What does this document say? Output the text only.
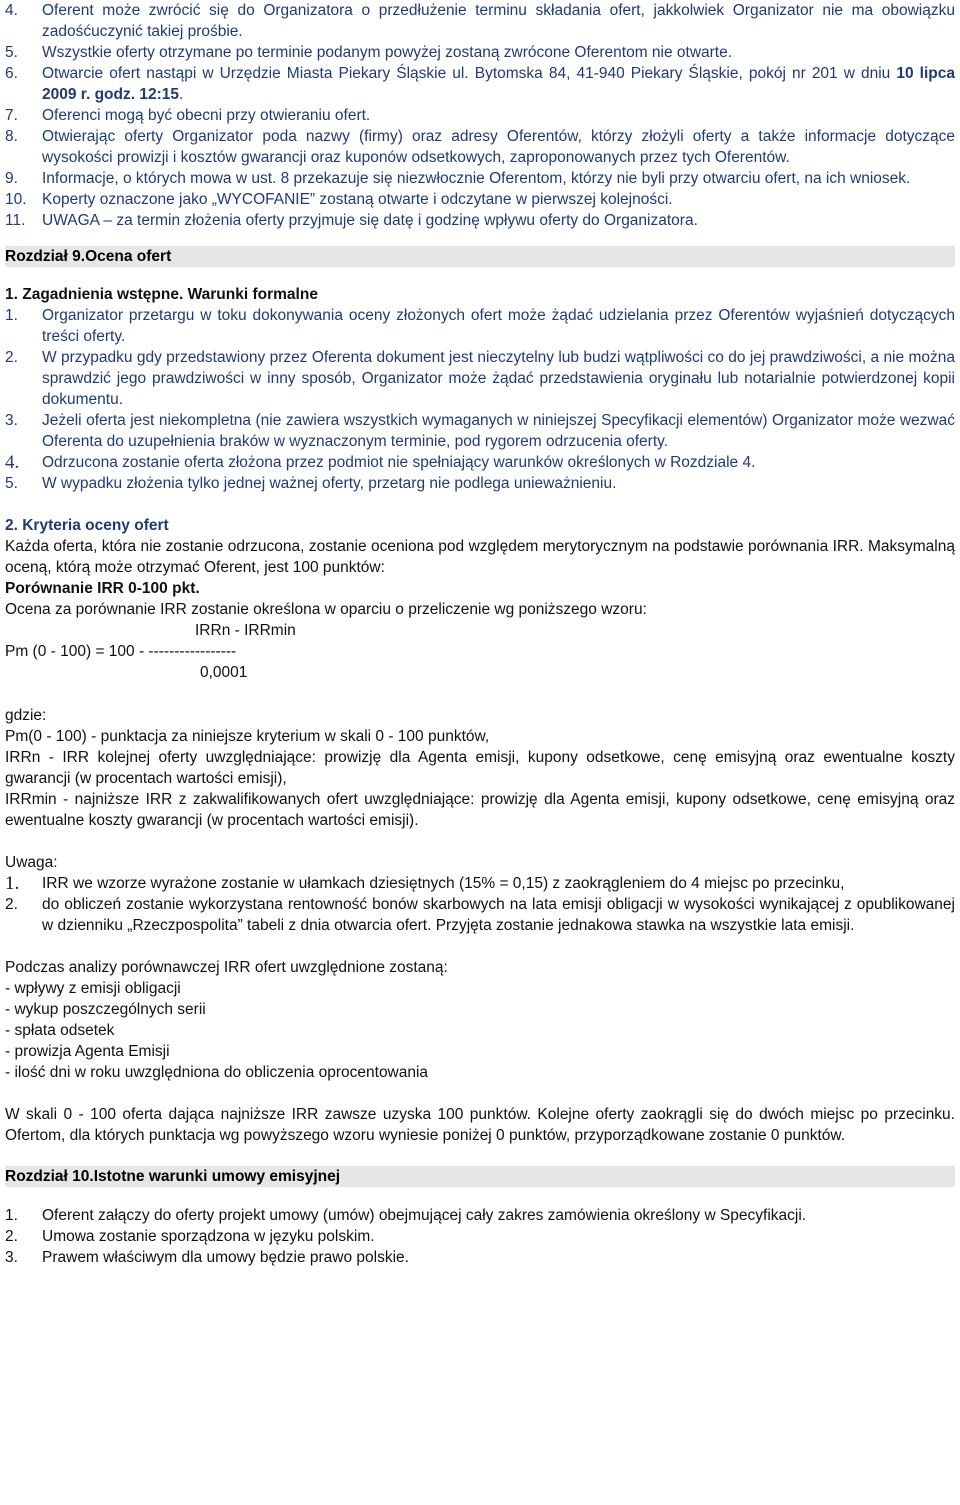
4. Oferent może zwrócić się do Organizatora o przedłużenie terminu składania ofert, jakkolwiek Organizator nie ma obowiązku zadośćuczynić takiej prośbie.
5. Wszystkie oferty otrzymane po terminie podanym powyżej zostaną zwrócone Oferentom nie otwarte.
6. Otwarcie ofert nastąpi w Urzędzie Miasta Piekary Śląskie ul. Bytomska 84, 41-940 Piekary Śląskie, pokój nr 201 w dniu 10 lipca 2009 r. godz. 12:15.
7. Oferenci mogą być obecni przy otwieraniu ofert.
8. Otwierając oferty Organizator poda nazwy (firmy) oraz adresy Oferentów, którzy złożyli oferty a także informacje dotyczące wysokości prowizji i kosztów gwarancji oraz kuponów odsetkowych, zaproponowanych przez tych Oferentów.
9. Informacje, o których mowa w ust. 8 przekazuje się niezwłocznie Oferentom, którzy nie byli przy otwarciu ofert, na ich wniosek.
10. Koperty oznaczone jako „WYCOFANIE” zostaną otwarte i odczytane w pierwszej kolejności.
11. UWAGA – za termin złożenia oferty przyjmuje się datę i godzinę wpływu oferty do Organizatora.

Rozdział 9.Ocena ofert

1. Zagadnienia wstępne. Warunki formalne

1. Organizator przetargu w toku dokonywania oceny złożonych ofert może żądać udzielania przez Oferentów wyjaśnień dotyczących treści oferty.
2. W przypadku gdy przedstawiony przez Oferenta dokument jest nieczytelny lub budzi wątpliwości co do jej prawdziwości, a nie można sprawdzić jego prawdziwości w inny sposób, Organizator może żądać przedstawienia oryginału lub notarialnie potwierdzonej kopii dokumentu.
3. Jeżeli oferta jest niekompletna (nie zawiera wszystkich wymaganych w niniejszej Specyfikacji elementów) Organizator może wezwać Oferenta do uzupełnienia braków w wyznaczonym terminie, pod rygorem odrzucenia oferty.
4. Odrzucona zostanie oferta złożona przez podmiot nie spełniający warunków określonych w Rozdziale 4.
5. W wypadku złożenia tylko jednej ważnej oferty, przetarg nie podlega unieważnieniu.

2. Kryteria oceny ofert

Każda oferta, która nie zostanie odrzucona, zostanie oceniona pod względem merytorycznym na podstawie porównania IRR. Maksymalną oceną, którą może otrzymać Oferent, jest 100 punktów:

Porównanie IRR 0-100 pkt.

Ocena za porównanie IRR zostanie określona w oparciu o przeliczenie wg poniższego wzoru:

IRRn - IRRmin
Pm (0 - 100) = 100 - -----------------
0,0001

gdzie:

Pm(0 - 100) - punktacja za niniejsze kryterium w skali 0 - 100 punktów,

IRRn - IRR kolejnej oferty uwzględniające: prowizję dla Agenta emisji, kupony odsetkowe, cenę emisyjną oraz ewentualne koszty gwarancji (w procentach wartości emisji),

IRRmin - najniższe IRR z zakwalifikowanych ofert uwzględniające: prowizję dla Agenta emisji, kupony odsetkowe, cenę emisyjną oraz ewentualne koszty gwarancji (w procentach wartości emisji).

Uwaga:

1. IRR we wzorze wyrażone zostanie w ułamkach dziesiętnych (15% = 0,15) z zaokrągleniem do 4 miejsc po przecinku,
2. do obliczeń zostanie wykorzystana rentowność bonów skarbowych na lata emisji obligacji w wysokości wynikającej z opublikowanej w dzienniku „Rzeczpospolita” tabeli z dnia otwarcia ofert. Przyjęta zostanie jednakowa stawka na wszystkie lata emisji.

Podczas analizy porównawczej IRR ofert uwzględnione zostaną:

- wpływy z emisji obligacji

- wykup poszczególnych serii

- spłata odsetek

- prowizja Agenta Emisji

- ilość dni w roku uwzględniona do obliczenia oprocentowania

W skali 0 - 100 oferta dająca najniższe IRR zawsze uzyska 100 punktów. Kolejne oferty zaokrągli się do dwóch miejsc po przecinku. Ofertom, dla których punktacja wg powyższego wzoru wyniesie poniżej 0 punktów, przyporządkowane zostanie 0 punktów.

Rozdział 10.Istotne warunki umowy emisyjnej

1. Oferent załączy do oferty projekt umowy (umów) obejmującej cały zakres zamówienia określony w Specyfikacji.
2. Umowa zostanie sporządzona w języku polskim.
3. Prawem właściwym dla umowy będzie prawo polskie.
